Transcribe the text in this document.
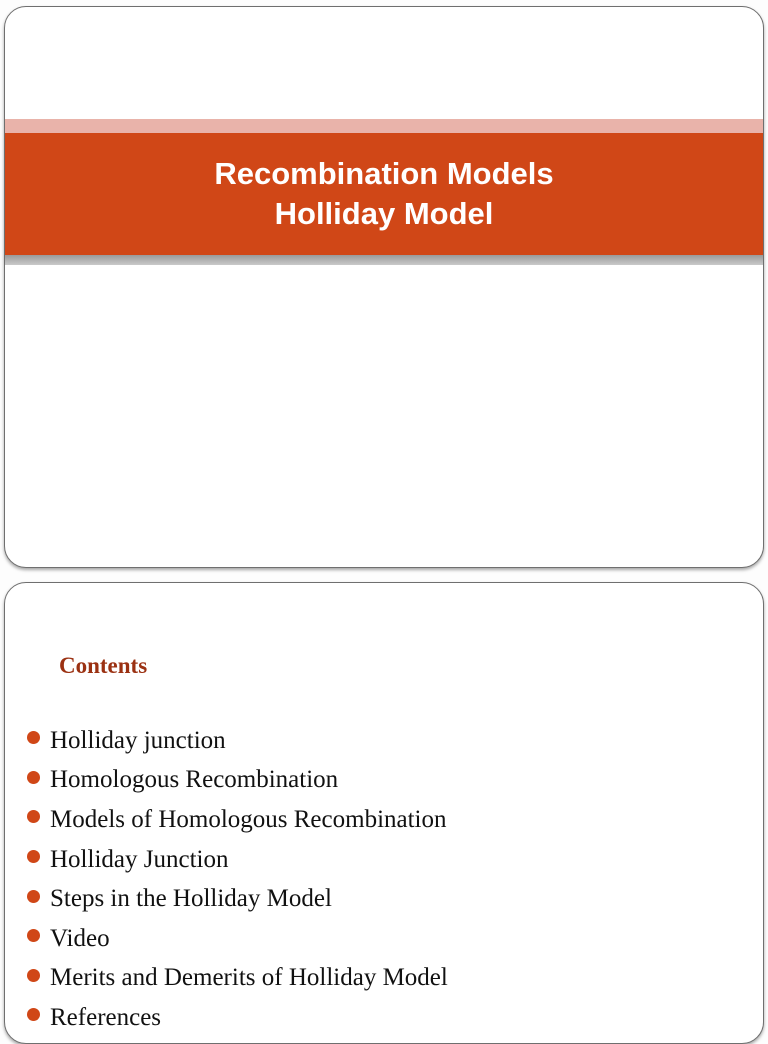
Recombination Models
Holliday Model
Contents
Holliday junction
Homologous Recombination
Models of Homologous Recombination
Holliday Junction
Steps in the Holliday Model
Video
Merits and Demerits of Holliday Model
References
